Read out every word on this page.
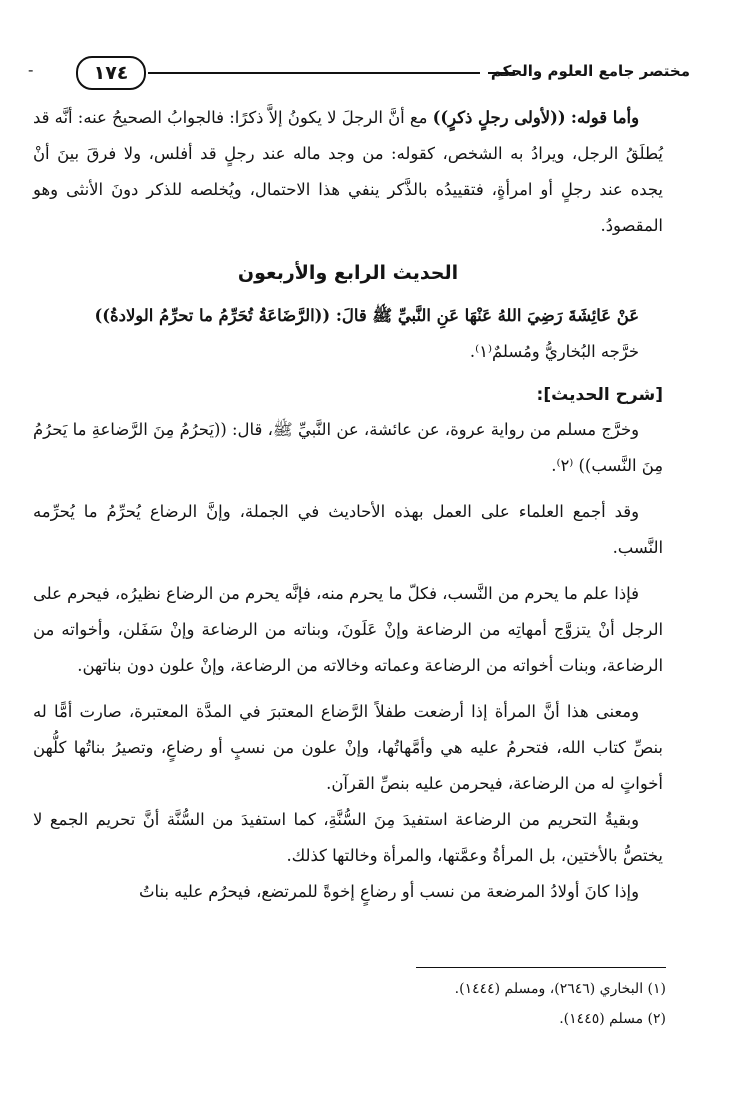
مختصر جامع العلوم والحكم
١٧٤
-

وأما قوله: ((لأولى رجلٍ ذكرٍ)) مع أنَّ الرجلَ لا يكونُ إلاَّ ذكرًا: فالجوابُ الصحيحُ عنه: أنَّه قد يُطلَقُ الرجل، ويرادُ به الشخص، كقوله: من وجد ماله عند رجلٍ قد أفلس، ولا فرقَ بينَ أنْ يجده عند رجلٍ أو امرأةٍ، فتقييدُه بالذَّكر ينفي هذا الاحتمال، ويُخلصه للذكر دونَ الأنثى وهو المقصودُ.

الحديث الرابع والأربعون

عَنْ عَائِشَةَ رَضِيَ اللهُ عَنْهَا عَنِ النَّبيِّ ﷺ قالَ: ((الرَّضَاعَةُ تُحَرِّمُ ما تحرِّمُ الولادةُ))

خرَّجه البُخاريُّ ومُسلمٌ⁽١⁾.

[شرح الحديث]:

وخرَّج مسلم من رواية عروة، عن عائشة، عن النَّبيِّ ﷺ، قال: ((يَحرُمُ مِنَ الرَّضاعةِ ما يَحرُمُ مِنَ النَّسب)) ⁽٢⁾.

وقد أجمع العلماء على العمل بهذه الأحاديث في الجملة، وإنَّ الرضاع يُحرِّمُ ما يُحرِّمه النَّسب.

فإذا علم ما يحرم من النَّسب، فكلّ ما يحرم منه، فإنَّه يحرم من الرضاع نظيرُه، فيحرم على الرجل أنْ يتزوَّج أمهاتِه من الرضاعة وإنْ عَلَونَ، وبناته من الرضاعة وإنْ سَفَلن، وأخواته من الرضاعة، وبنات أخواته من الرضاعة وعماته وخالاته من الرضاعة، وإنْ علون دون بناتهن.

ومعنى هذا أنَّ المرأة إذا أرضعت طفلاً الرَّضاع المعتبرَ في المدَّة المعتبرة، صارت أمًّا له بنصِّ كتاب الله، فتحرمُ عليه هي وأمَّهاتُها، وإنْ علون من نسبٍ أو رضاعٍ، وتصيرُ بناتُها كلُّهن أخواتٍ له من الرضاعة، فيحرمن عليه بنصِّ القرآن.

وبقيةُ التحريم من الرضاعة استفيدَ مِنَ السُّنَّةِ، كما استفيدَ من السُّنَّة أنَّ تحريم الجمع لا يختصُّ بالأختين، بل المرأةُ وعمَّتها، والمرأة وخالتها كذلك.

وإذا كانَ أولادُ المرضعة من نسب أو رضاعٍ إخوةً للمرتضع، فيحرُم عليه بناتُ

(١) البخاري (٢٦٤٦)، ومسلم (١٤٤٤).
(٢) مسلم (١٤٤٥).
